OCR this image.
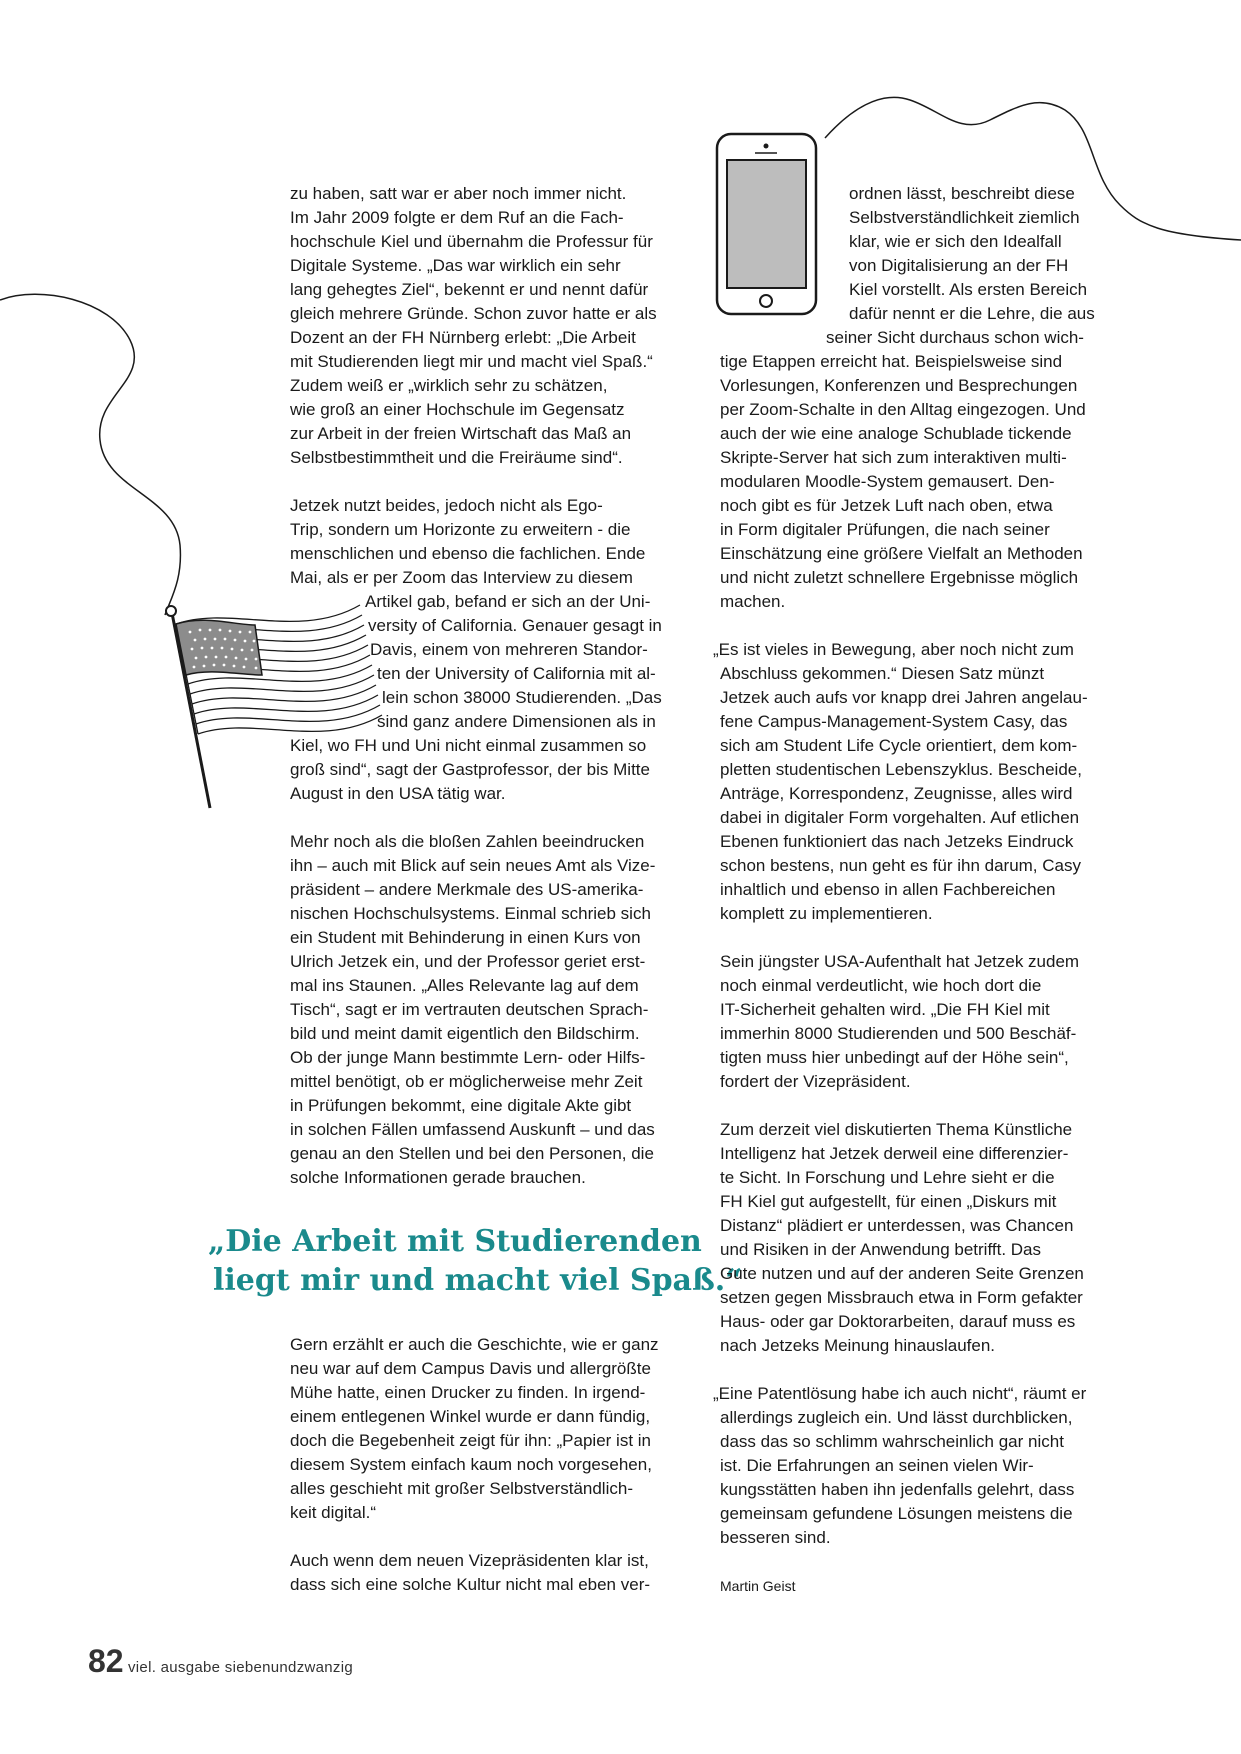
zu haben, satt war er aber noch immer nicht.
Im Jahr 2009 folgte er dem Ruf an die Fach-
hochschule Kiel und übernahm die Professur für
Digitale Systeme. „Das war wirklich ein sehr
lang gehegtes Ziel“, bekennt er und nennt dafür
gleich mehrere Gründe. Schon zuvor hatte er als
Dozent an der FH Nürnberg erlebt: „Die Arbeit
mit Studierenden liegt mir und macht viel Spaß.“
Zudem weiß er „wirklich sehr zu schätzen,
wie groß an einer Hochschule im Gegensatz
zur Arbeit in der freien Wirtschaft das Maß an
Selbstbestimmtheit und die Freiräume sind“.
Jetzek nutzt beides, jedoch nicht als Ego-
Trip, sondern um Horizonte zu erweitern - die
menschlichen und ebenso die fachlichen. Ende
Mai, als er per Zoom das Interview zu diesem
Artikel gab, befand er sich an der Uni-
versity of California. Genauer gesagt in
Davis, einem von mehreren Standor-
ten der University of California mit al-
lein schon 38000 Studierenden. „Das
sind ganz andere Dimensionen als in
Kiel, wo FH und Uni nicht einmal zusammen so
groß sind“, sagt der Gastprofessor, der bis Mitte
August in den USA tätig war.
Mehr noch als die bloßen Zahlen beeindrucken
ihn – auch mit Blick auf sein neues Amt als Vize-
präsident – andere Merkmale des US-amerika-
nischen Hochschulsystems. Einmal schrieb sich
ein Student mit Behinderung in einen Kurs von
Ulrich Jetzek ein, und der Professor geriet erst-
mal ins Staunen. „Alles Relevante lag auf dem
Tisch“, sagt er im vertrauten deutschen Sprach-
bild und meint damit eigentlich den Bildschirm.
Ob der junge Mann bestimmte Lern- oder Hilfs-
mittel benötigt, ob er möglicherweise mehr Zeit
in Prüfungen bekommt, eine digitale Akte gibt
in solchen Fällen umfassend Auskunft – und das
genau an den Stellen und bei den Personen, die
solche Informationen gerade brauchen.
„Die Arbeit mit Studierenden
liegt mir und macht viel Spaß.“
Gern erzählt er auch die Geschichte, wie er ganz
neu war auf dem Campus Davis und allergrößte
Mühe hatte, einen Drucker zu finden. In irgend-
einem entlegenen Winkel wurde er dann fündig,
doch die Begebenheit zeigt für ihn: „Papier ist in
diesem System einfach kaum noch vorgesehen,
alles geschieht mit großer Selbstverständlich-
keit digital.“
Auch wenn dem neuen Vizepräsidenten klar ist,
dass sich eine solche Kultur nicht mal eben ver-
ordnen lässt, beschreibt diese
Selbstverständlichkeit ziemlich
klar, wie er sich den Idealfall
von Digitalisierung an der FH
Kiel vorstellt. Als ersten Bereich
dafür nennt er die Lehre, die aus
seiner Sicht durchaus schon wich-
tige Etappen erreicht hat. Beispielsweise sind
Vorlesungen, Konferenzen und Besprechungen
per Zoom-Schalte in den Alltag eingezogen. Und
auch der wie eine analoge Schublade tickende
Skripte-Server hat sich zum interaktiven multi-
modularen Moodle-System gemausert. Den-
noch gibt es für Jetzek Luft nach oben, etwa
in Form digitaler Prüfungen, die nach seiner
Einschätzung eine größere Vielfalt an Methoden
und nicht zuletzt schnellere Ergebnisse möglich
machen.
„Es ist vieles in Bewegung, aber noch nicht zum
Abschluss gekommen.“ Diesen Satz münzt
Jetzek auch aufs vor knapp drei Jahren angelau-
fene Campus-Management-System Casy, das
sich am Student Life Cycle orientiert, dem kom-
pletten studentischen Lebenszyklus. Bescheide,
Anträge, Korrespondenz, Zeugnisse, alles wird
dabei in digitaler Form vorgehalten. Auf etlichen
Ebenen funktioniert das nach Jetzeks Eindruck
schon bestens, nun geht es für ihn darum, Casy
inhaltlich und ebenso in allen Fachbereichen
komplett zu implementieren.
Sein jüngster USA-Aufenthalt hat Jetzek zudem
noch einmal verdeutlicht, wie hoch dort die
IT-Sicherheit gehalten wird. „Die FH Kiel mit
immerhin 8000 Studierenden und 500 Beschäf-
tigten muss hier unbedingt auf der Höhe sein“,
fordert der Vizepräsident.
Zum derzeit viel diskutierten Thema Künstliche
Intelligenz hat Jetzek derweil eine differenzier-
te Sicht. In Forschung und Lehre sieht er die
FH Kiel gut aufgestellt, für einen „Diskurs mit
Distanz“ plädiert er unterdessen, was Chancen
und Risiken in der Anwendung betrifft. Das
Gute nutzen und auf der anderen Seite Grenzen
setzen gegen Missbrauch etwa in Form gefakter
Haus- oder gar Doktorarbeiten, darauf muss es
nach Jetzeks Meinung hinauslaufen.
„Eine Patentlösung habe ich auch nicht“, räumt er
allerdings zugleich ein. Und lässt durchblicken,
dass das so schlimm wahrscheinlich gar nicht
ist. Die Erfahrungen an seinen vielen Wir-
kungsstätten haben ihn jedenfalls gelehrt, dass
gemeinsam gefundene Lösungen meistens die
besseren sind.
Martin Geist
82 viel. ausgabe siebenundzwanzig
